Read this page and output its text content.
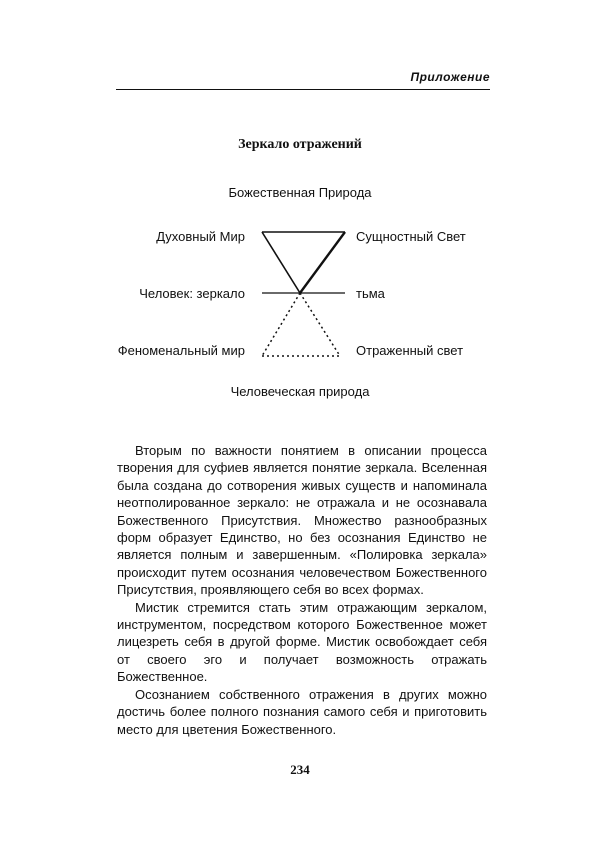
Приложение
Зеркало отражений
Божественная Природа
Духовный Мир
Человек: зеркало
Феноменальный мир
Сущностный Свет
тьма
Отраженный свет
Человеческая природа

Вторым по важности понятием в описании процесса творения для суфиев является понятие зеркала. Вселенная была создана до сотворения живых существ и напоминала неотполированное зеркало: не отражала и не осознавала Божественного Присутствия. Множество разнообразных форм образует Единство, но без осознания Единство не является полным и завершенным. «Полировка зеркала» происходит путем осознания человечеством Божественного Присутствия, проявляющего себя во всех формах.

Мистик стремится стать этим отражающим зеркалом, инструментом, посредством которого Божественное может лицезреть себя в другой форме. Мистик освобождает себя от своего эго и получает возможность отражать Божественное.

Осознанием собственного отражения в других можно достичь более полного познания самого себя и приготовить место для цветения Божественного.

234
